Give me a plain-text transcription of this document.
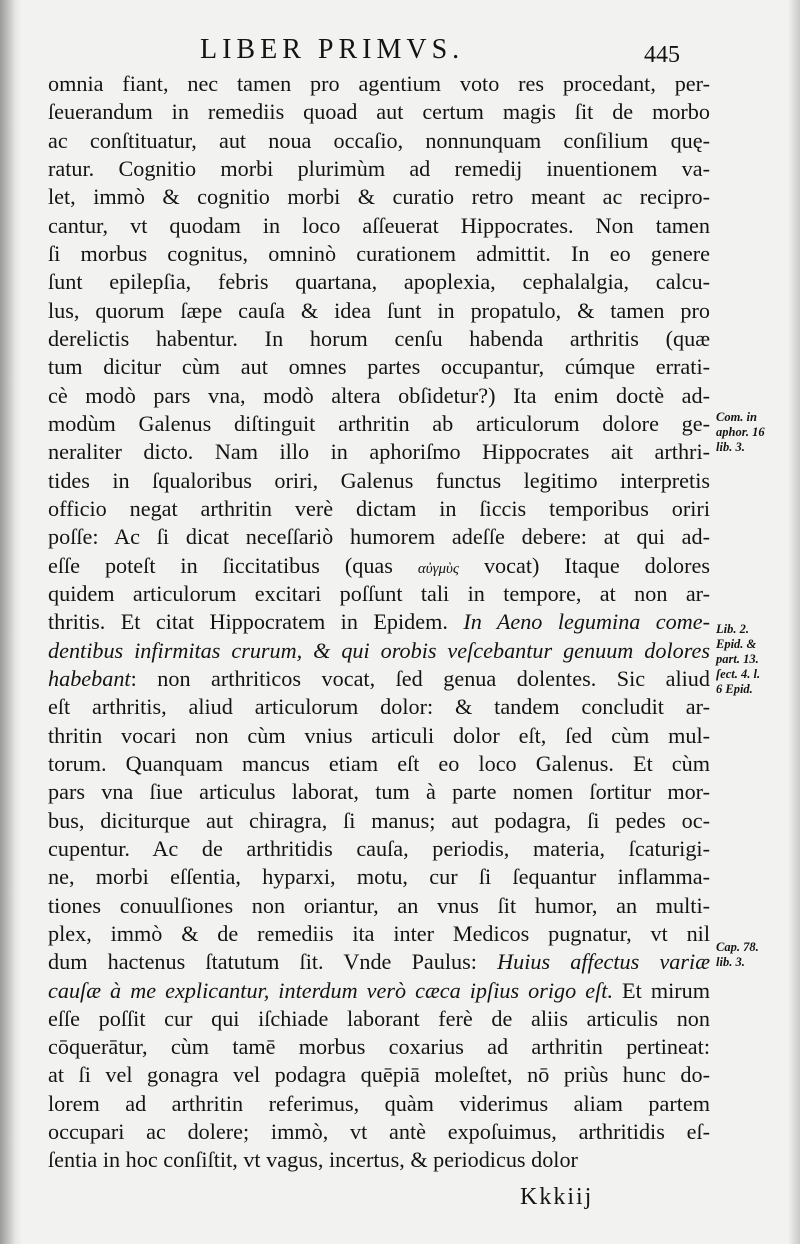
LIBER PRIMVS.	445
omnia fiant, nec tamen pro agentium voto res procedant, per-
ſeuerandum in remediis quoad aut certum magis ſit de morbo
ac conſtituatur, aut noua occaſio, nonnunquam conſilium quę-
ratur. Cognitio morbi plurimùm ad remedij inuentionem va-
let, immò & cognitio morbi & curatio retro meant ac recipro-
cantur, vt quodam in loco aſſeuerat Hippocrates. Non tamen
ſi morbus cognitus, omninò curationem admittit. In eo genere
ſunt epilepſia, febris quartana, apoplexia, cephalalgia, calcu-
lus, quorum ſæpe cauſa & idea ſunt in propatulo, & tamen pro
derelictis habentur. In horum cenſu habenda arthritis (quæ
tum dicitur cùm aut omnes partes occupantur, cúmque errati-
cè modò pars vna, modò altera obſidetur?) Ita enim doctè ad-
modùm Galenus diſtinguit arthritin ab articulorum dolore ge-
neraliter dicto. Nam illo in aphoriſmo Hippocrates ait arthri-
tides in ſqualoribus oriri, Galenus functus legitimo interpretis
officio negat arthritin verè dictam in ſiccis temporibus oriri
poſſe: Ac ſi dicat neceſſariò humorem adeſſe debere: at qui ad-
eſſe poteſt in ſiccitatibus (quas αὐγμὺς vocat) Itaque dolores
quidem articulorum excitari poſſunt tali in tempore, at non ar-
thritis. Et citat Hippocratem in Epidem. In Aeno legumina come-
dentibus infirmitas crurum, & qui orobis veſcebantur genuum dolores
habebant: non arthriticos vocat, ſed genua dolentes. Sic aliud
eſt arthritis, aliud articulorum dolor: & tandem concludit ar-
thritin vocari non cùm vnius articuli dolor eſt, ſed cùm mul-
torum. Quanquam mancus etiam eſt eo loco Galenus. Et cùm
pars vna ſiue articulus laborat, tum à parte nomen ſortitur mor-
bus, diciturque aut chiragra, ſi manus; aut podagra, ſi pedes oc-
cupentur. Ac de arthritidis cauſa, periodis, materia, ſcaturigi-
ne, morbi eſſentia, hyparxi, motu, cur ſi ſequantur inflamma-
tiones conuulſiones non oriantur, an vnus ſit humor, an multi-
plex, immò & de remediis ita inter Medicos pugnatur, vt nil
dum hactenus ſtatutum ſit. Vnde Paulus: Huius affectus variæ
cauſæ à me explicantur, interdum verò cæca ipſius origo eſt. Et mirum
eſſe poſſit cur qui iſchiade laborant ferè de aliis articulis non
cōquerātur, cùm tamē morbus coxarius ad arthritin pertineat:
at ſi vel gonagra vel podagra quēpiā moleſtet, nō priùs hunc do-
lorem ad arthritin referimus, quàm viderimus aliam partem
occupari ac dolere; immò, vt antè expoſuimus, arthritidis eſ-
ſentia in hoc conſiſtit, vt vagus, incertus, & periodicus dolor
Com. in
aphor. 16
lib. 3.
Lib. 2.
Epid. &
part. 13.
ſect. 4. l.
6 Epid.
Cap. 78.
lib. 3.
Kkkiij
